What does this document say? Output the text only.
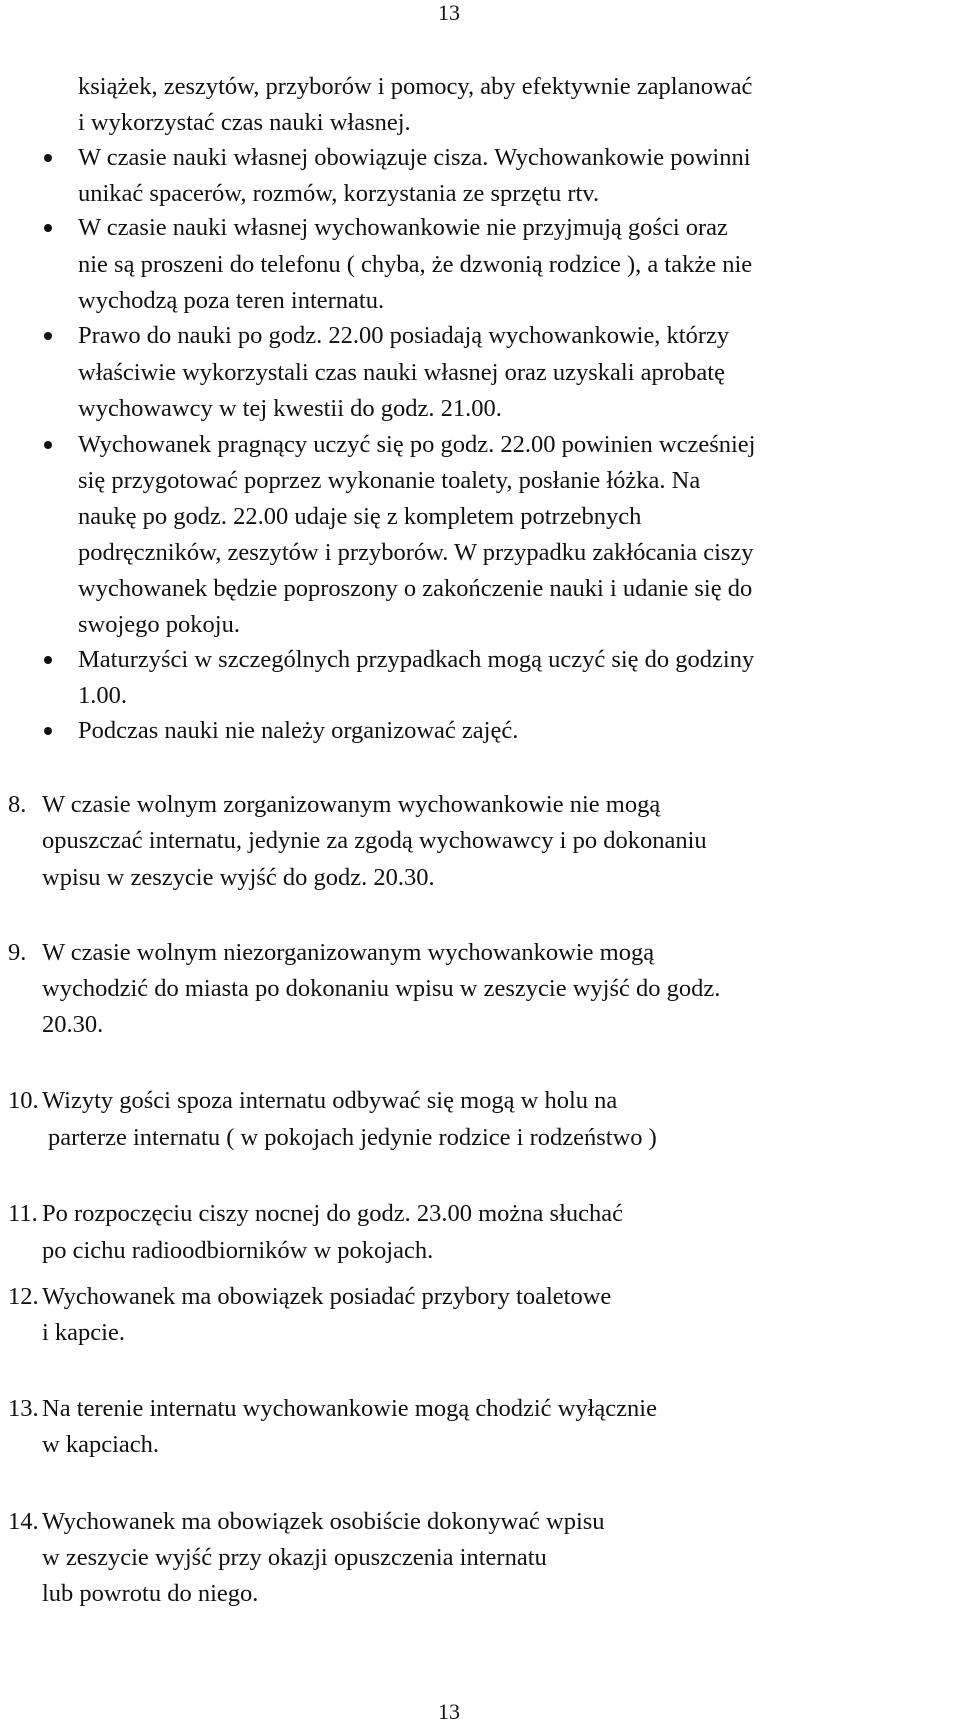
13
książek, zeszytów, przyborów i pomocy, aby efektywnie zaplanować
i wykorzystać czas nauki własnej.
W czasie nauki własnej obowiązuje cisza. Wychowankowie powinni
unikać spacerów, rozmów, korzystania ze sprzętu rtv.
W czasie nauki własnej wychowankowie nie przyjmują gości oraz
nie są proszeni do telefonu ( chyba, że dzwonią rodzice ), a także nie
wychodzą poza teren internatu.
Prawo do nauki po godz. 22.00 posiadają wychowankowie, którzy
właściwie wykorzystali czas nauki własnej oraz uzyskali aprobatę
wychowawcy w tej kwestii do godz. 21.00.
Wychowanek pragnący uczyć się po godz. 22.00 powinien wcześniej
się przygotować poprzez wykonanie toalety, posłanie łóżka. Na
naukę po godz. 22.00 udaje się z kompletem potrzebnych
podręczników, zeszytów i przyborów. W przypadku zakłócania ciszy
wychowanek będzie poproszony o zakończenie nauki i udanie się do
swojego pokoju.
Maturzyści w szczególnych przypadkach mogą uczyć się do godziny
1.00.
Podczas nauki nie należy organizować zajęć.
8. W czasie wolnym zorganizowanym wychowankowie nie mogą
opuszczać internatu, jedynie za zgodą wychowawcy i po dokonaniu
wpisu w zeszycie wyjść do godz. 20.30.
9. W czasie wolnym niezorganizowanym wychowankowie mogą
wychodzić do miasta po dokonaniu wpisu w zeszycie wyjść do godz.
20.30.
10. Wizyty gości spoza internatu odbywać się mogą w holu na
parterze internatu ( w pokojach jedynie rodzice i rodzeństwo )
11. Po rozpoczęciu ciszy nocnej do godz. 23.00 można słuchać
po cichu radioodbiorników w pokojach.
12. Wychowanek ma obowiązek posiadać przybory toaletowe
i kapcie.
13. Na terenie internatu wychowankowie mogą chodzić wyłącznie
w kapciach.
14. Wychowanek ma obowiązek osobiście dokonywać wpisu
w zeszycie wyjść przy okazji opuszczenia internatu
lub powrotu do niego.
13
